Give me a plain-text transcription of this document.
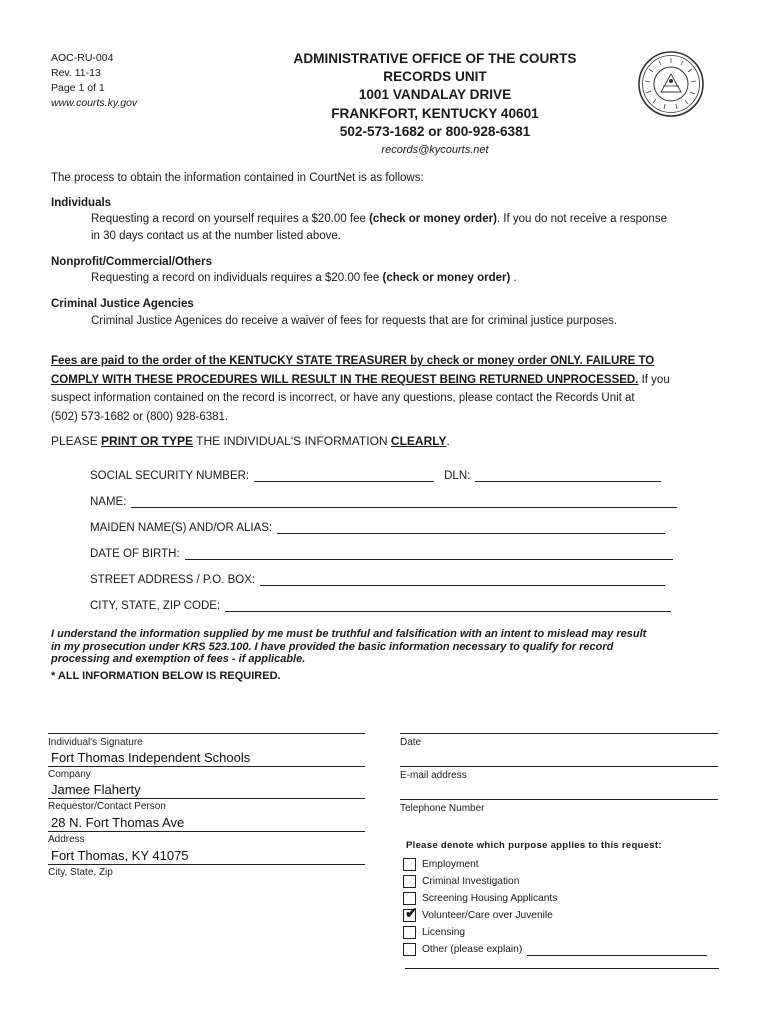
AOC-RU-004
Rev. 11-13
Page 1 of 1
www.courts.ky.gov
ADMINISTRATIVE OFFICE OF THE COURTS
RECORDS UNIT
1001 VANDALAY DRIVE
FRANKFORT, KENTUCKY 40601
502-573-1682 or 800-928-6381
records@kycourts.net
The process to obtain the information contained in CourtNet is as follows:
Individuals
Requesting a record on yourself requires a $20.00 fee (check or money order). If you do not receive a response
in 30 days contact us at the number listed above.
Nonprofit/Commercial/Others
Requesting a record on individuals requires a $20.00 fee (check or money order) .
Criminal Justice Agencies
Criminal Justice Agenices do receive a waiver of fees for requests that are for criminal justice purposes.
Fees are paid to the order of the KENTUCKY STATE TREASURER by check or money order ONLY. FAILURE TO
COMPLY WITH THESE PROCEDURES WILL RESULT IN THE REQUEST BEING RETURNED UNPROCESSED. If you
suspect information contained on the record is incorrect, or have any questions, please contact the Records Unit at
(502) 573-1682 or (800) 928-6381.
PLEASE PRINT OR TYPE THE INDIVIDUAL'S INFORMATION CLEARLY.
SOCIAL SECURITY NUMBER:	DLN:
NAME:
MAIDEN NAME(S) AND/OR ALIAS:
DATE OF BIRTH:
STREET ADDRESS / P.O. BOX:
CITY, STATE, ZIP CODE:
I understand the information supplied by me must be truthful and falsification with an intent to mislead may result
in my prosecution under KRS 523.100. I have provided the basic information necessary to qualify for record
processing and exemption of fees - if applicable.
* ALL INFORMATION BELOW IS REQUIRED.
Individual's Signature
Fort Thomas Independent Schools
Company
Jamee Flaherty
Requestor/Contact Person
28 N. Fort Thomas Ave
Address
Fort Thomas, KY 41075
City, State, Zip
Date
E-mail address
Telephone Number
Please denote which purpose applies to this request:
Employment
Criminal Investigation
Screening Housing Applicants
✔ Volunteer/Care over Juvenile
Licensing
Other (please explain)
